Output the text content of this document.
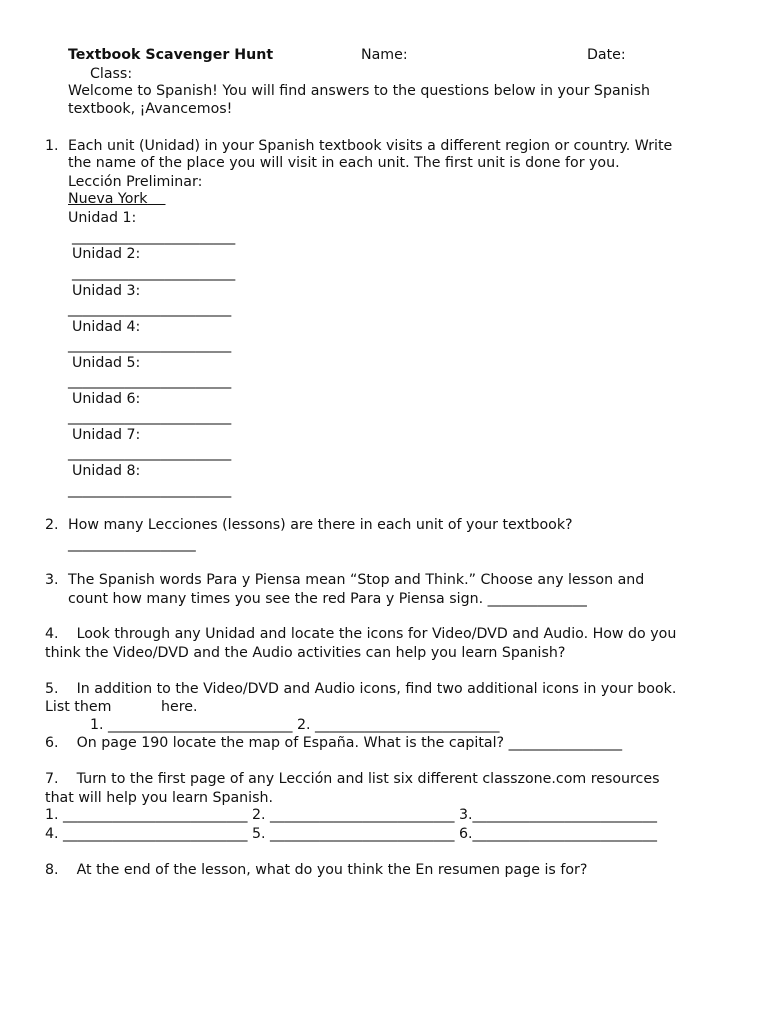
Textbook Scavenger Hunt	Name:	Date:
Class:
Welcome to Spanish! You will find answers to the questions below in your Spanish
textbook, ¡Avancemos!
1. Each unit (Unidad) in your Spanish textbook visits a different region or country. Write
the name of the place you will visit in each unit. The first unit is done for you.
Lección Preliminar:
Nueva York
Unidad 1:
_______________________
Unidad 2:
_______________________
Unidad 3:
_______________________
Unidad 4:
_______________________
Unidad 5:
_______________________
Unidad 6:
_______________________
Unidad 7:
_______________________
Unidad 8:
_______________________
2. How many Lecciones (lessons) are there in each unit of your textbook?
__________________
3. The Spanish words Para y Piensa mean “Stop and Think.” Choose any lesson and
count how many times you see the red Para y Piensa sign. ______________
4.    Look through any Unidad and locate the icons for Video/DVD and Audio. How do you
think the Video/DVD and the Audio activities can help you learn Spanish?
5.    In addition to the Video/DVD and Audio icons, find two additional icons in your book.
List them           here.
1. __________________________ 2. __________________________
6.    On page 190 locate the map of España. What is the capital? ________________
7.    Turn to the first page of any Lección and list six different classzone.com resources
that will help you learn Spanish.
1. __________________________ 2. __________________________ 3.__________________________
4. __________________________ 5. __________________________ 6.__________________________
8.    At the end of the lesson, what do you think the En resumen page is for?
